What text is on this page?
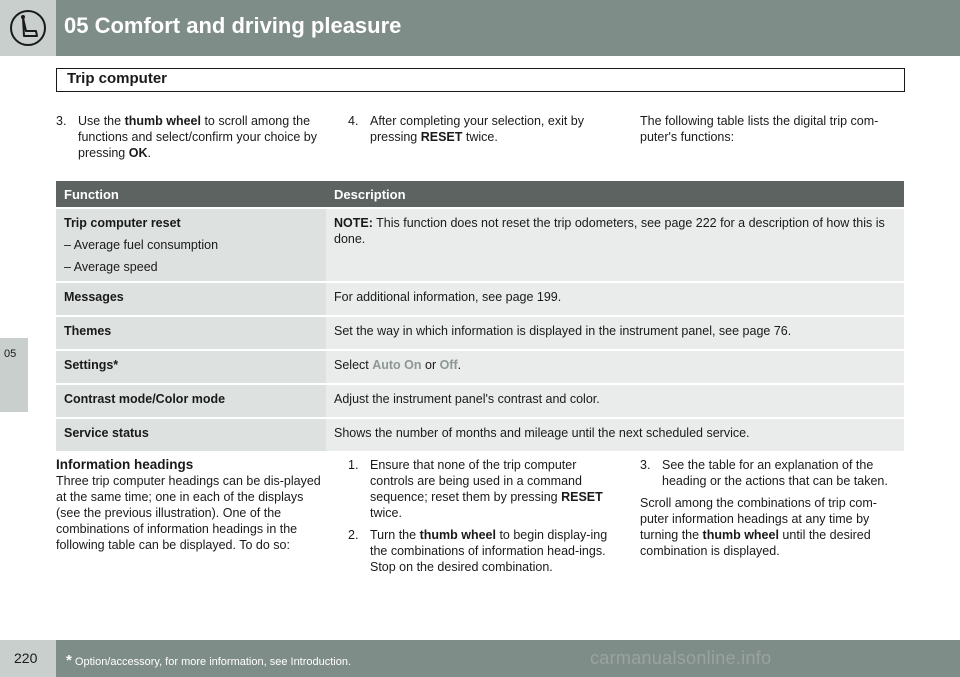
05 Comfort and driving pleasure
Trip computer
05
3. Use the thumb wheel to scroll among the functions and select/confirm your choice by pressing OK.
4. After completing your selection, exit by pressing RESET twice.
The following table lists the digital trip com-puter's functions:
Function	Description

Trip computer reset
– Average fuel consumption
– Average speed	NOTE: This function does not reset the trip odometers, see page 222 for a description of how this is done.
Messages	For additional information, see page 199.
Themes	Set the way in which information is displayed in the instrument panel, see page 76.
Settings*	Select Auto On or Off.
Contrast mode/Color mode	Adjust the instrument panel's contrast and color.
Service status	Shows the number of months and mileage until the next scheduled service.
Information headings
Three trip computer headings can be dis-played at the same time; one in each of the displays (see the previous illustration). One of the combinations of information headings in the following table can be displayed. To do so:
1. Ensure that none of the trip computer controls are being used in a command sequence; reset them by pressing RESET twice.
2. Turn the thumb wheel to begin display-ing the combinations of information head-ings. Stop on the desired combination.
3. See the table for an explanation of the heading or the actions that can be taken.
Scroll among the combinations of trip com-puter information headings at any time by turning the thumb wheel until the desired combination is displayed.
220 * Option/accessory, for more information, see Introduction.	carmanualsonline.info
